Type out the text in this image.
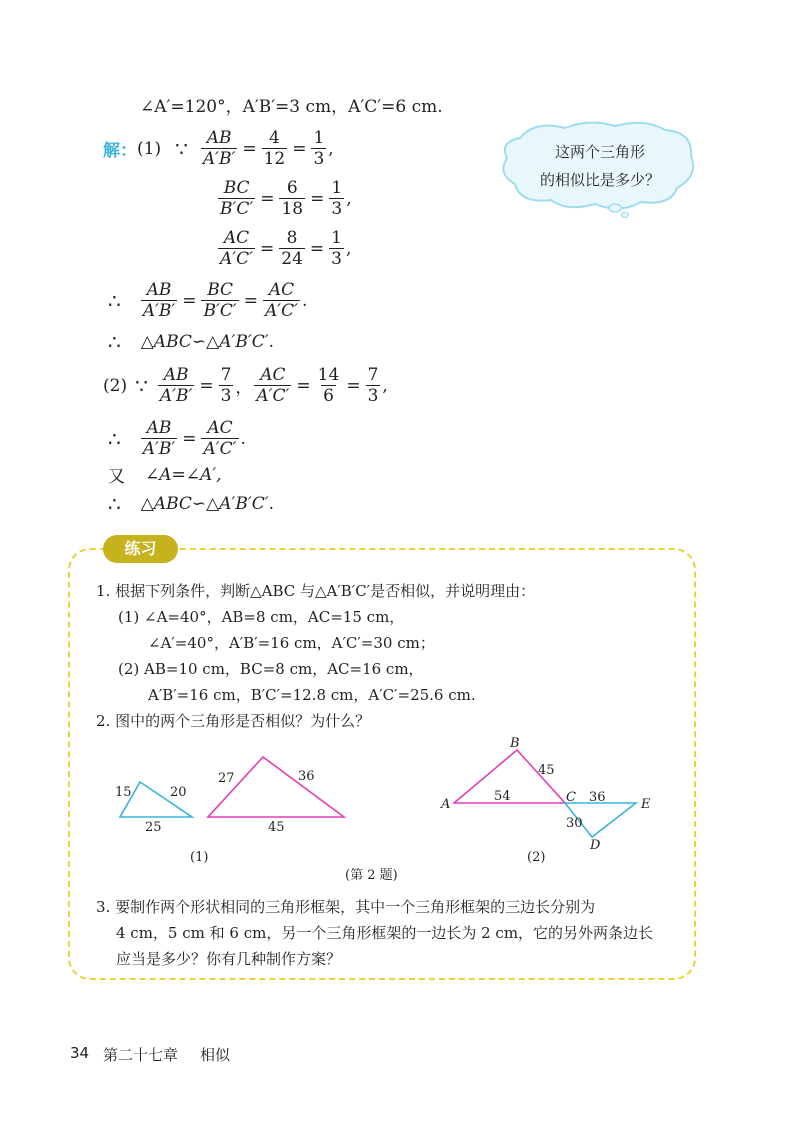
∠A′=120°，A′B′=3 cm，A′C′=6 cm.
解： (1) ∵ $\frac{AB}{A'B'} = \frac{4}{12} = \frac{1}{3}$ ,
$\frac{BC}{B'C'} = \frac{6}{18} = \frac{1}{3}$ ,
$\frac{AC}{A'C'} = \frac{8}{24} = \frac{1}{3}$ ,
∴ $\frac{AB}{A'B'} = \frac{BC}{B'C'} = \frac{AC}{A'C'}$ .
∴ △ABC∽△A′B′C′.
(2) ∵ $\frac{AB}{A'B'} = \frac{7}{3}$ ， $\frac{AC}{A'C'} = \frac{14}{6} = \frac{7}{3}$ ,
∴ $\frac{AB}{A'B'} = \frac{AC}{A'C'}$ .
又 ∠A=∠A′,
∴ △ABC∽△A′B′C′.
这两个三角形
的相似比是多少？
练习
1. 根据下列条件，判断△ABC 与△A′B′C′是否相似，并说明理由：
(1) ∠A=40°，AB=8 cm，AC=15 cm，
∠A′=40°，A′B′=16 cm，A′C′=30 cm；
(2) AB=10 cm，BC=8 cm，AC=16 cm，
A′B′=16 cm，B′C′=12.8 cm，A′C′=25.6 cm.
2. 图中的两个三角形是否相似？为什么？
15	20
25
27	36
45
(1)
B
A	C	E
D
54
45
36
30
(2)
(第 2 题)
3. 要制作两个形状相同的三角形框架，其中一个三角形框架的三边长分别为
4 cm，5 cm 和 6 cm，另一个三角形框架的一边长为 2 cm，它的另外两条边长
应当是多少？你有几种制作方案？
34 第二十七章 相似
